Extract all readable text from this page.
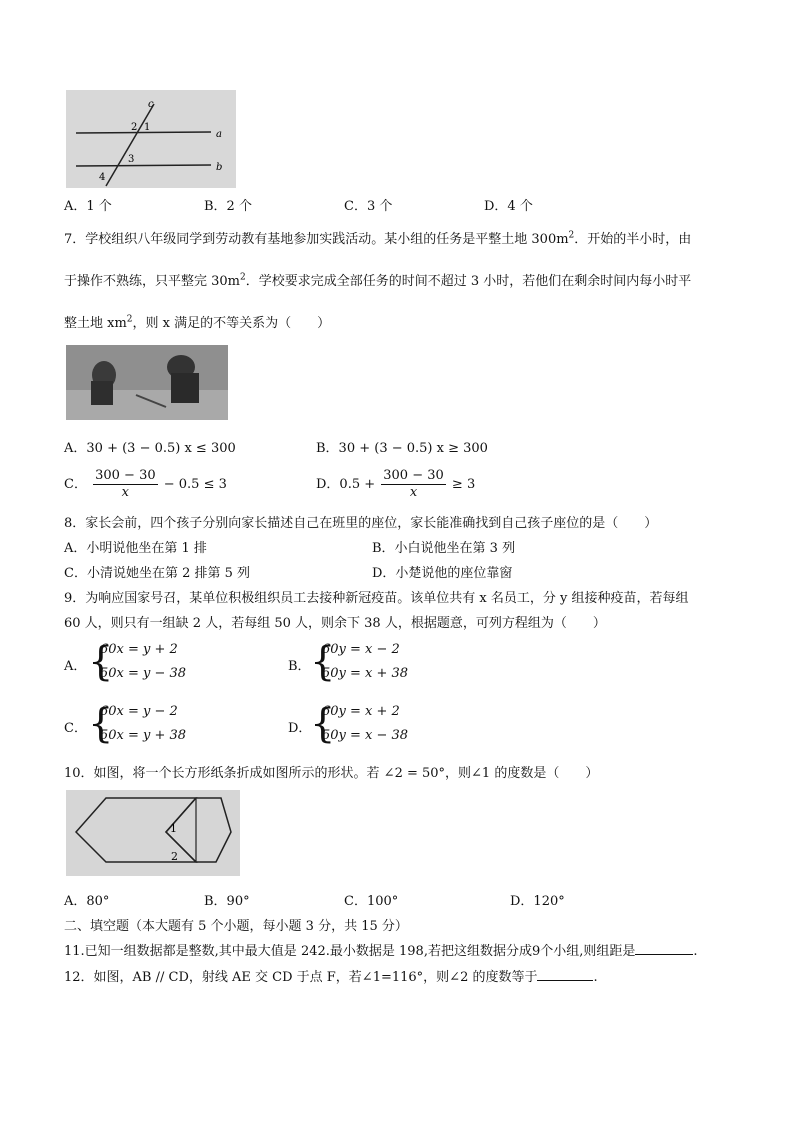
c
a
b
2 1
3
4
A．1 个	B．2 个	C．3 个	D．4 个
7．学校组织八年级同学到劳动教有基地参加实践活动。某小组的任务是平整土地 $300m^2$．开始的半小时，由
于操作不熟练，只平整完 $30m^2$．学校要求完成全部任务的时间不超过 3 小时，若他们在剩余时间内每小时平
整土地 $xm^2$，则 x 满足的不等关系为（　　）
A．30 + (3 − 0.5) x ≤ 300	B．30 + (3 − 0.5) x ≥ 300
C． $\frac{300 - 30}{x} - 0.5 \le 3$	D．$0.5 + \frac{300 - 30}{x} \ge 3$
8．家长会前，四个孩子分别向家长描述自己在班里的座位，家长能准确找到自己孩子座位的是（　　）
A．小明说他坐在第 1 排	B．小白说他坐在第 3 列
C．小清说她坐在第 2 排第 5 列	D．小楚说他的座位靠窗
9．为响应国家号召，某单位积极组织员工去接种新冠疫苗。该单位共有 x 名员工，分 y 组接种疫苗，若每组
60 人，则只有一组缺 2 人，若每组 50 人，则余下 38 人，根据题意，可列方程组为（　　）
A． {
60x = y + 2
50x = y − 38	B． {
60y = x − 2
50y = x + 38
C． {
60x = y − 2
50x = y + 38	D．
{
60y = x + 2
50y = x − 38
10．如图，将一个长方形纸条折成如图所示的形状。若 ∠2 = 50°，则∠1 的度数是（　　）
1
2
A．80°	B．90°	C．100°	D．120°
二、填空题（本大题有 5 个小题，每小题 3 分，共 15 分）
11.已知一组数据都是整数,其中最大值是 242.最小数据是 198,若把这组数据分成9个小组,则组距是	.
12．如图，AB // CD，射线 AE 交 CD 于点 F，若∠1=116°，则∠2 的度数等于	.
